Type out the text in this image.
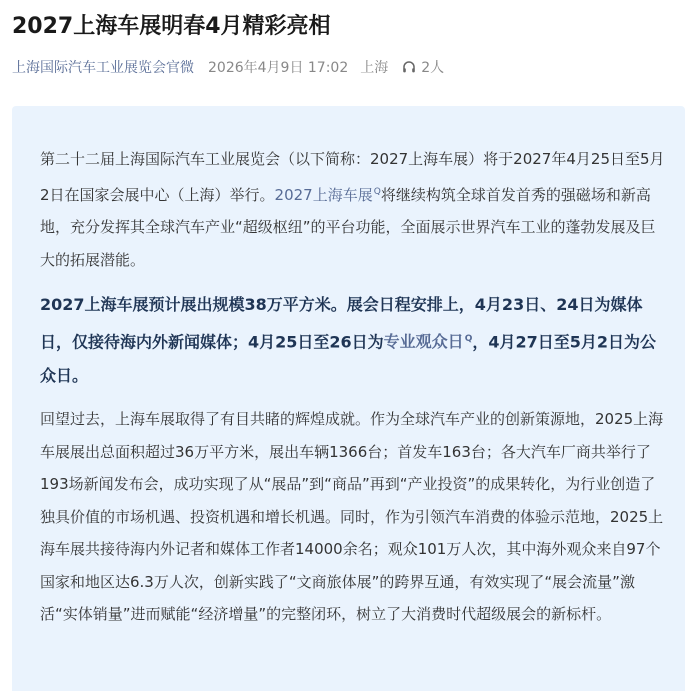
2027上海车展明春4月精彩亮相
上海国际汽车工业展览会官微 2026年4月9日 17:02 上海 2人
第二十二届上海国际汽车工业展览会（以下简称：2027上海车展）将于2027年4月25日至5月2日在国家会展中心（上海）举行。2027上海车展$^Q$将继续构筑全球首发首秀的强磁场和新高地，充分发挥其全球汽车产业“超级枢纽”的平台功能，全面展示世界汽车工业的蓬勃发展及巨大的拓展潜能。
2027上海车展预计展出规模38万平方米。展会日程安排上，4月23日、24日为媒体日，仅接待海内外新闻媒体；4月25日至26日为专业观众日$^Q$，4月27日至5月2日为公众日。
回望过去，上海车展取得了有目共睹的辉煌成就。作为全球汽车产业的创新策源地，2025上海车展展出总面积超过36万平方米，展出车辆1366台；首发车163台；各大汽车厂商共举行了193场新闻发布会，成功实现了从“展品”到“商品”再到“产业投资”的成果转化，为行业创造了独具价值的市场机遇、投资机遇和增长机遇。同时，作为引领汽车消费的体验示范地，2025上海车展共接待海内外记者和媒体工作者14000余名；观众101万人次，其中海外观众来自97个国家和地区达6.3万人次，创新实践了“文商旅体展”的跨界互通，有效实现了“展会流量”激活“实体销量”进而赋能“经济增量”的完整闭环，树立了大消费时代超级展会的新标杆。
